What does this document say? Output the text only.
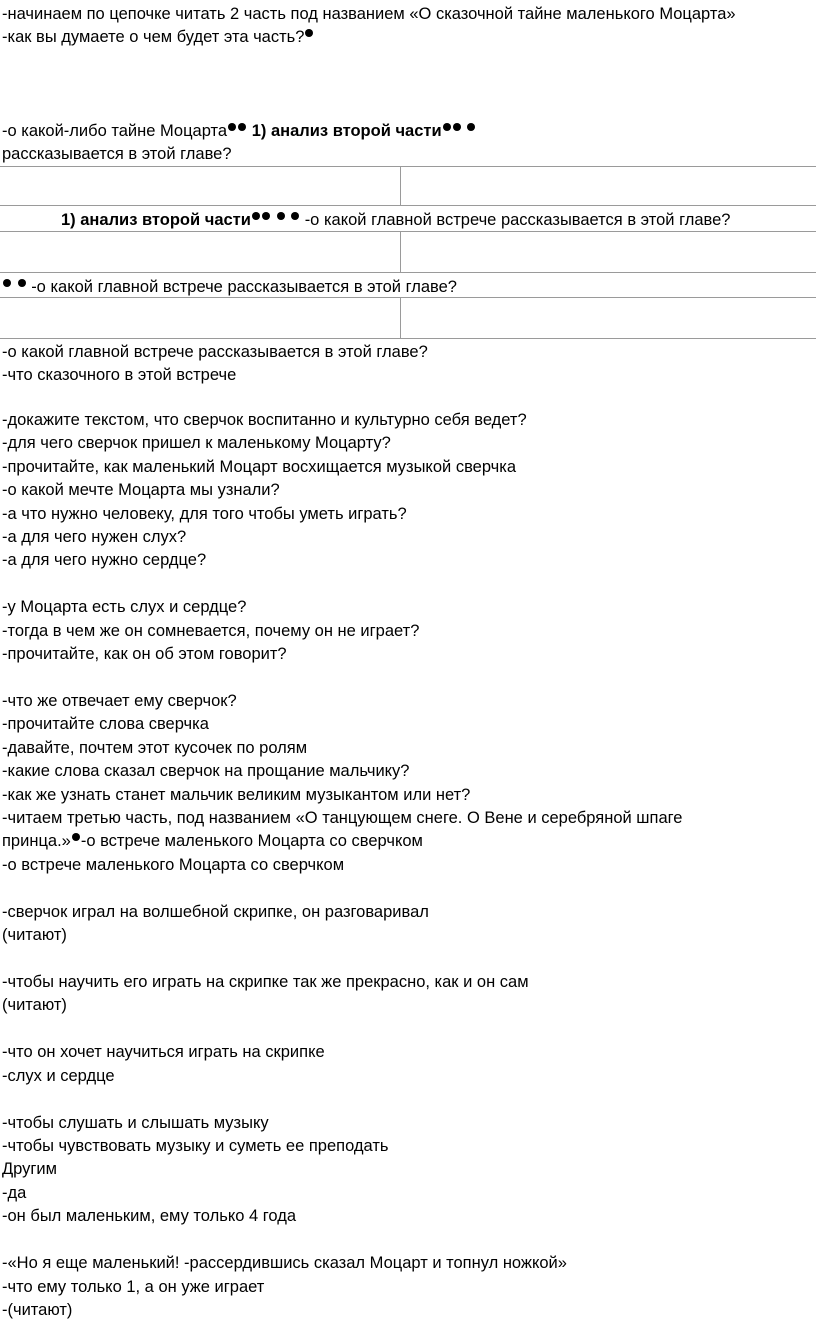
-начинаем по цепочке читать 2 часть под названием «О сказочной тайне маленького Моцарта»
-как вы думаете о чем будет эта часть?
-о какой-либо тайне Моцарта 1) анализ второй части
рассказывается в этой главе?
1) анализ второй части	-о какой главной встрече рассказывается в этой главе?
-о какой главной встрече рассказывается в этой главе?
-о какой главной встрече рассказывается в этой главе?
-что сказочного в этой встрече
-докажите текстом, что сверчок воспитанно и культурно себя ведет?
-для чего сверчок пришел к маленькому Моцарту?
-прочитайте, как маленький Моцарт восхищается музыкой сверчка
-о какой мечте Моцарта мы узнали?
-а что нужно человеку, для того чтобы уметь играть?
-а для чего нужен слух?
-а для чего нужно сердце?
-у Моцарта есть слух и сердце?
-тогда в чем же он сомневается, почему он не играет?
-прочитайте, как он об этом говорит?
-что же отвечает ему сверчок?
-прочитайте слова сверчка
-давайте, почтем этот кусочек по ролям
-какие слова сказал сверчок на прощание мальчику?
-как же узнать станет мальчик великим музыкантом или нет?
-читаем третью часть, под названием «О танцующем снеге. О Вене и серебряной шпаге
принца.» -о встрече маленького Моцарта со сверчком
-о встрече маленького Моцарта со сверчком
-сверчок играл на волшебной скрипке, он разговаривал
(читают)
-чтобы научить его играть на скрипке так же прекрасно, как и он сам
(читают)
-что он хочет научиться играть на скрипке
-слух и сердце
-чтобы слушать и слышать музыку
-чтобы чувствовать музыку и суметь ее преподать
Другим
-да
-он был маленьким, ему только 4 года
-«Но я еще маленький! -рассердившись сказал Моцарт и топнул ножкой»
-что ему только 1, а он уже играет
-(читают)
